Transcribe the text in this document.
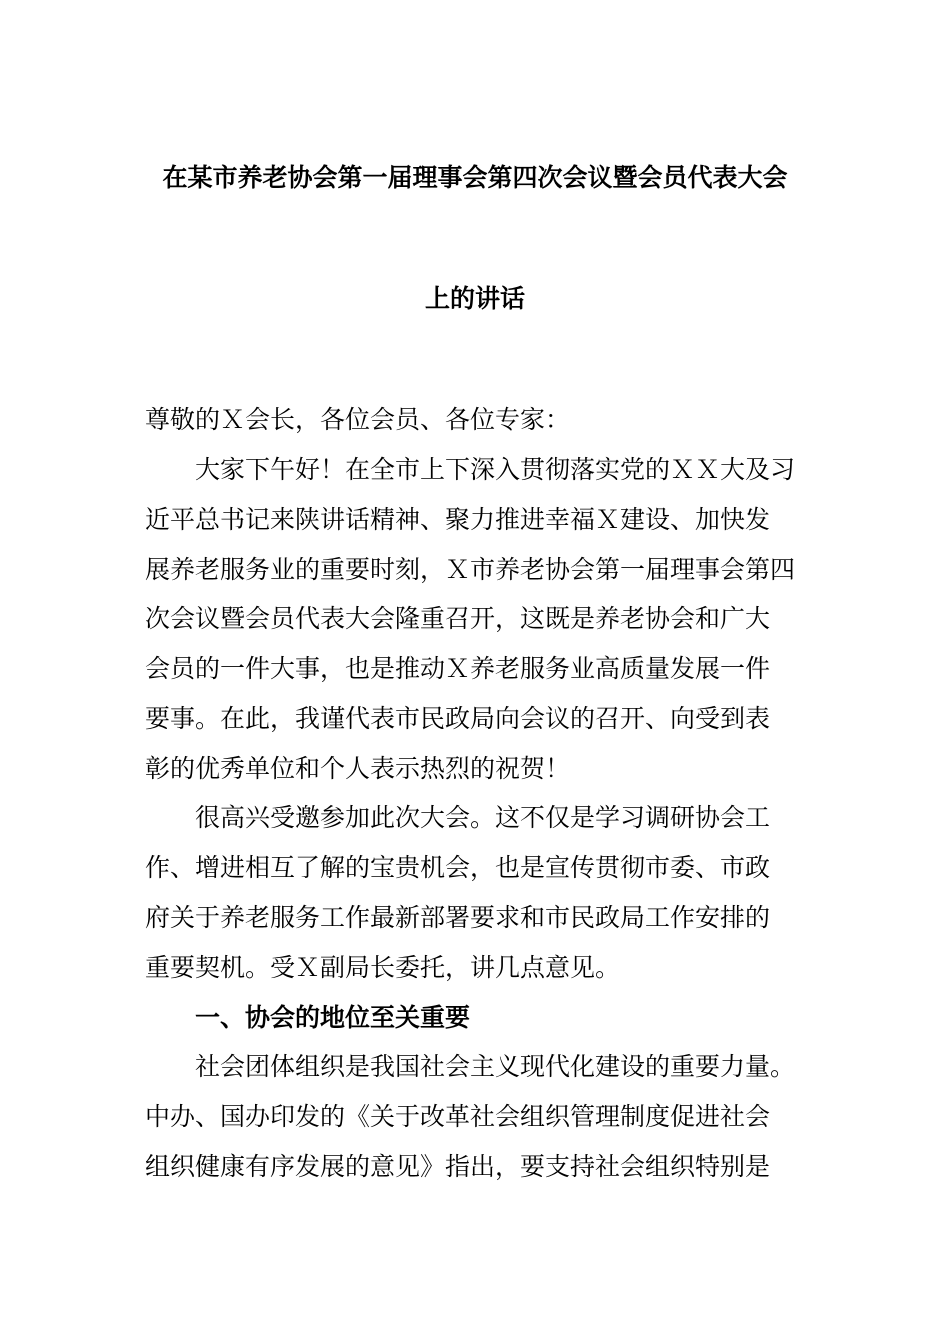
在某市养老协会第一届理事会第四次会议暨会员代表大会
上的讲话
尊敬的Ｘ会长，各位会员、各位专家：
大家下午好！在全市上下深入贯彻落实党的ＸＸ大及习
近平总书记来陕讲话精神、聚力推进幸福Ｘ建设、加快发
展养老服务业的重要时刻，Ｘ市养老协会第一届理事会第四
次会议暨会员代表大会隆重召开，这既是养老协会和广大
会员的一件大事，也是推动Ｘ养老服务业高质量发展一件
要事。在此，我谨代表市民政局向会议的召开、向受到表
彰的优秀单位和个人表示热烈的祝贺！
很高兴受邀参加此次大会。这不仅是学习调研协会工
作、增进相互了解的宝贵机会，也是宣传贯彻市委、市政
府关于养老服务工作最新部署要求和市民政局工作安排的
重要契机。受Ｘ副局长委托，讲几点意见。
一、协会的地位至关重要
社会团体组织是我国社会主义现代化建设的重要力量。
中办、国办印发的《关于改革社会组织管理制度促进社会
组织健康有序发展的意见》指出，要支持社会组织特别是
